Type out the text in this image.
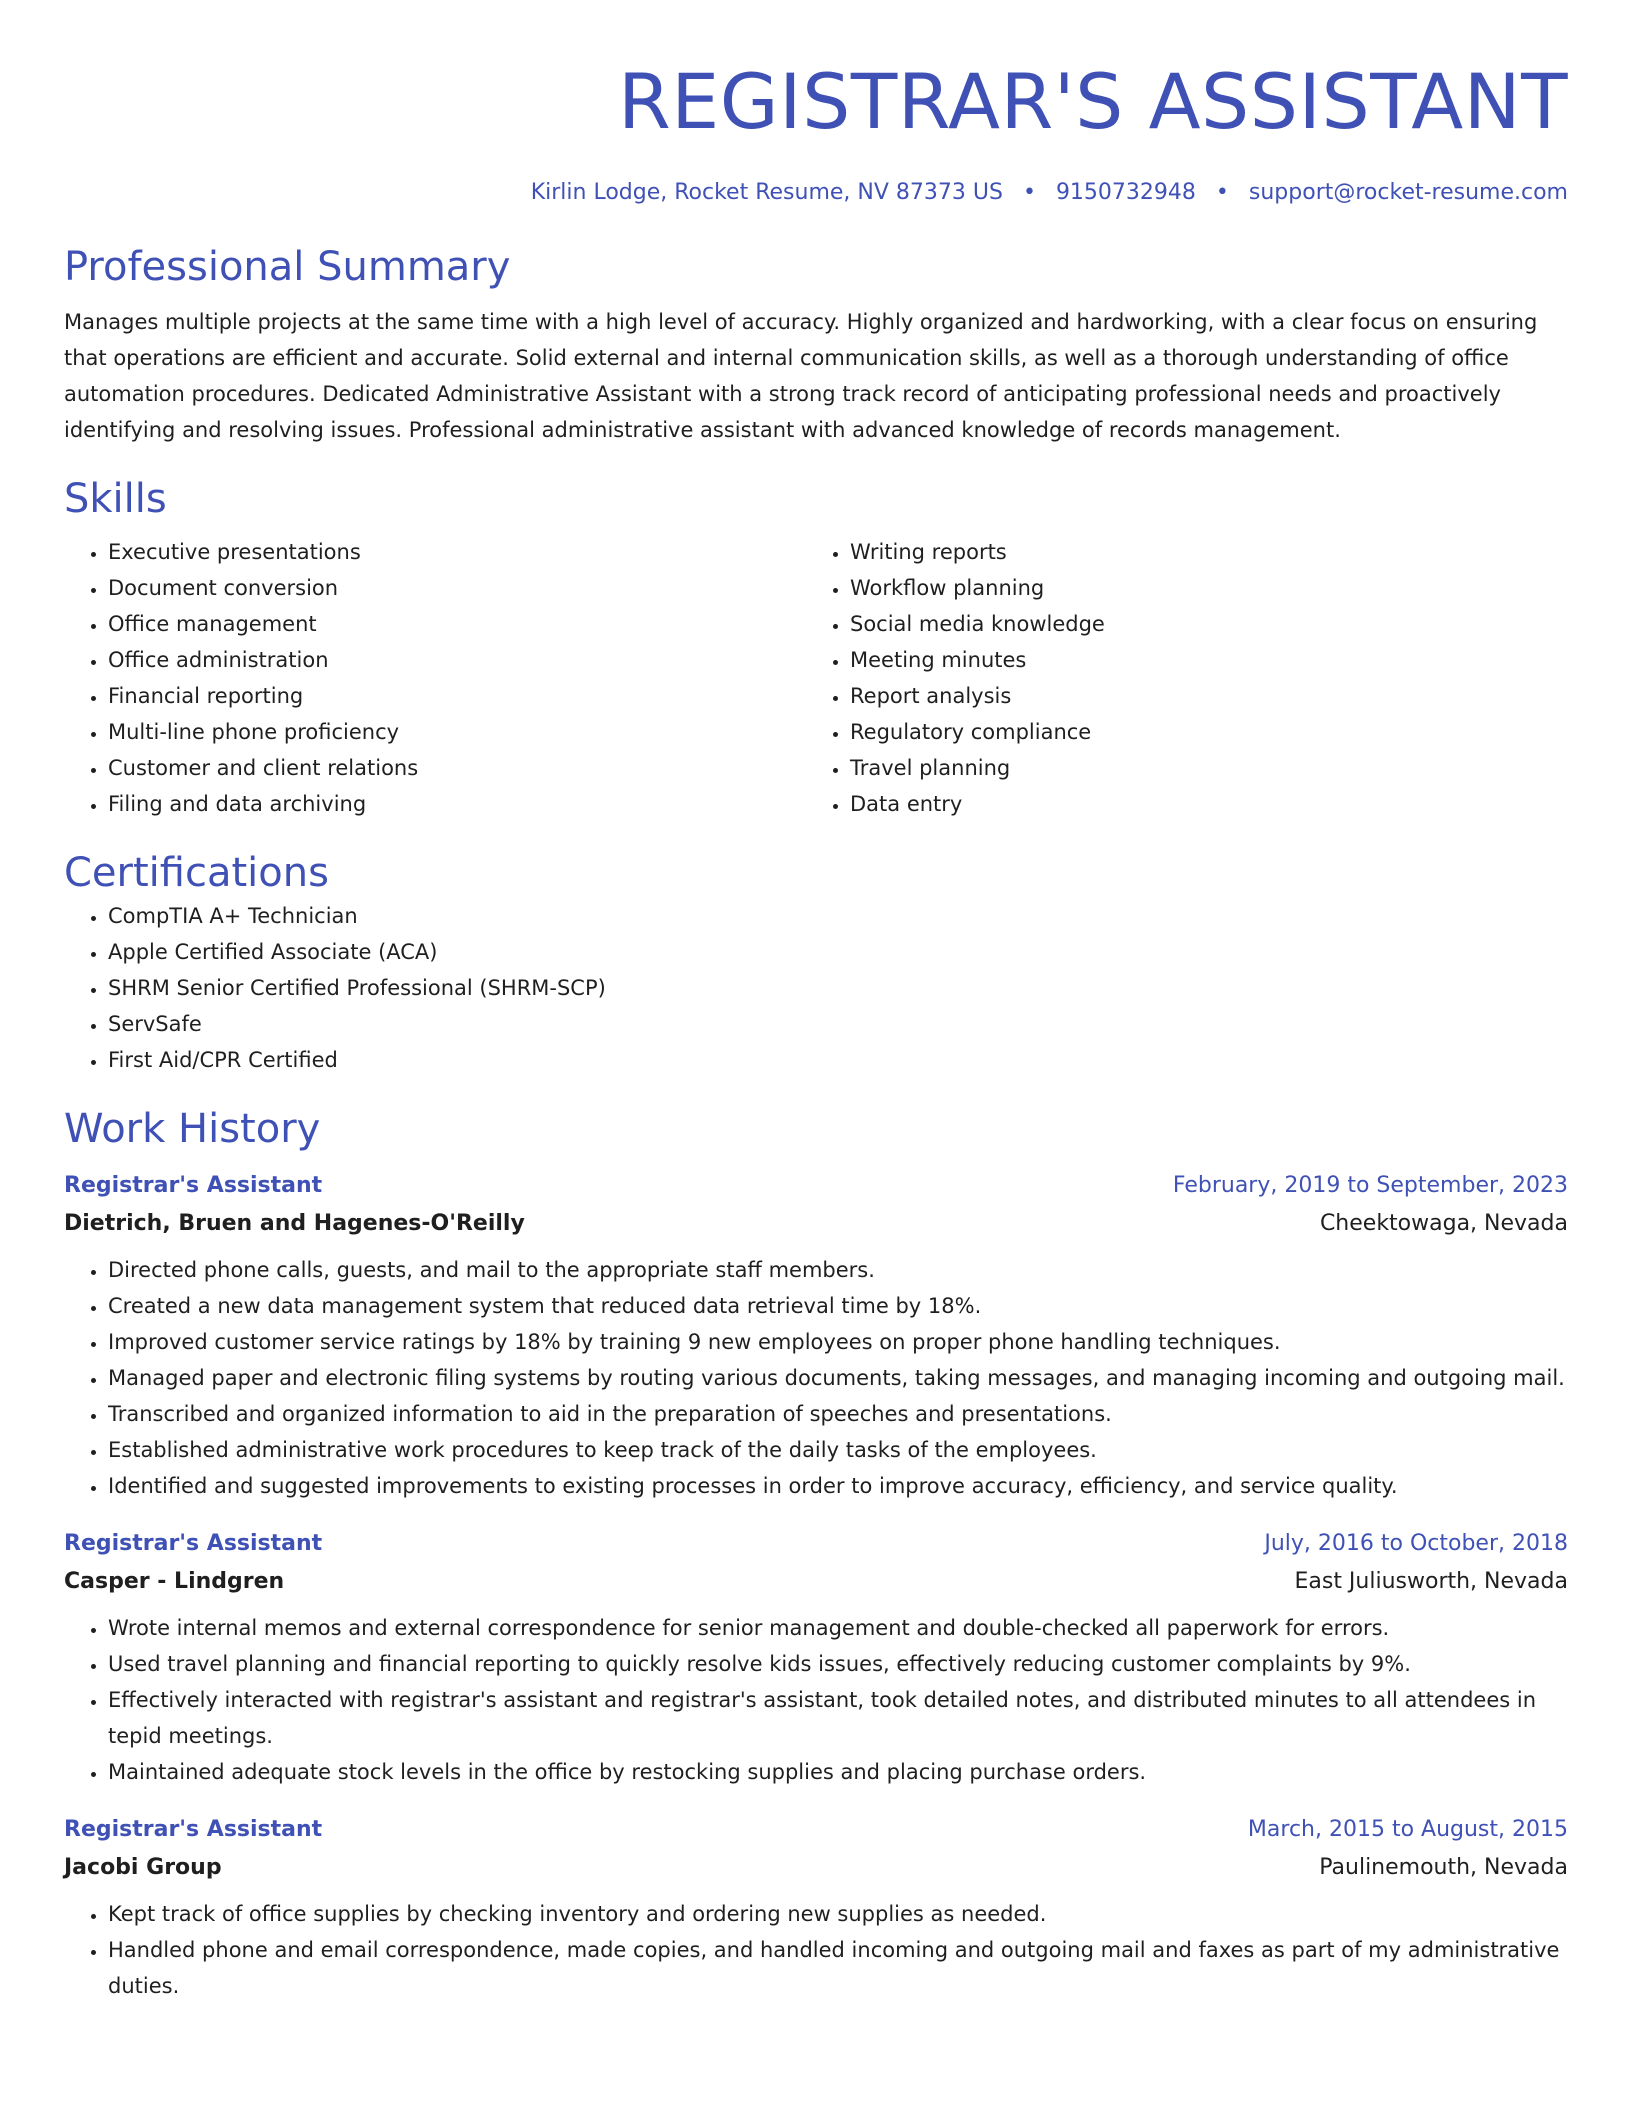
REGISTRAR'S ASSISTANT
Kirlin Lodge, Rocket Resume, NV 87373 US • 9150732948 • support@rocket-resume.com
Professional Summary

Manages multiple projects at the same time with a high level of accuracy. Highly organized and hardworking, with a clear focus on ensuring that operations are efficient and accurate. Solid external and internal communication skills, as well as a thorough understanding of office automation procedures. Dedicated Administrative Assistant with a strong track record of anticipating professional needs and proactively identifying and resolving issues. Professional administrative assistant with advanced knowledge of records management.

Skills
• Executive presentations
• Document conversion
• Office management
• Office administration
• Financial reporting
• Multi-line phone proficiency
• Customer and client relations
• Filing and data archiving
• Writing reports
• Workflow planning
• Social media knowledge
• Meeting minutes
• Report analysis
• Regulatory compliance
• Travel planning
• Data entry
Certifications
• CompTIA A+ Technician
• Apple Certified Associate (ACA)
• SHRM Senior Certified Professional (SHRM-SCP)
• ServSafe
• First Aid/CPR Certified
Work History
Registrar's Assistant	February, 2019 to September, 2023
Dietrich, Bruen and Hagenes-O'Reilly	Cheektowaga, Nevada
• Directed phone calls, guests, and mail to the appropriate staff members.
• Created a new data management system that reduced data retrieval time by 18%.
• Improved customer service ratings by 18% by training 9 new employees on proper phone handling techniques.
• Managed paper and electronic filing systems by routing various documents, taking messages, and managing incoming and outgoing mail.
• Transcribed and organized information to aid in the preparation of speeches and presentations.
• Established administrative work procedures to keep track of the daily tasks of the employees.
• Identified and suggested improvements to existing processes in order to improve accuracy, efficiency, and service quality.
Registrar's Assistant	July, 2016 to October, 2018
Casper - Lindgren	East Juliusworth, Nevada
• Wrote internal memos and external correspondence for senior management and double-checked all paperwork for errors.
• Used travel planning and financial reporting to quickly resolve kids issues, effectively reducing customer complaints by 9%.
• Effectively interacted with registrar's assistant and registrar's assistant, took detailed notes, and distributed minutes to all attendees in tepid meetings.
• Maintained adequate stock levels in the office by restocking supplies and placing purchase orders.
Registrar's Assistant	March, 2015 to August, 2015
Jacobi Group	Paulinemouth, Nevada
• Kept track of office supplies by checking inventory and ordering new supplies as needed.
• Handled phone and email correspondence, made copies, and handled incoming and outgoing mail and faxes as part of my administrative duties.
